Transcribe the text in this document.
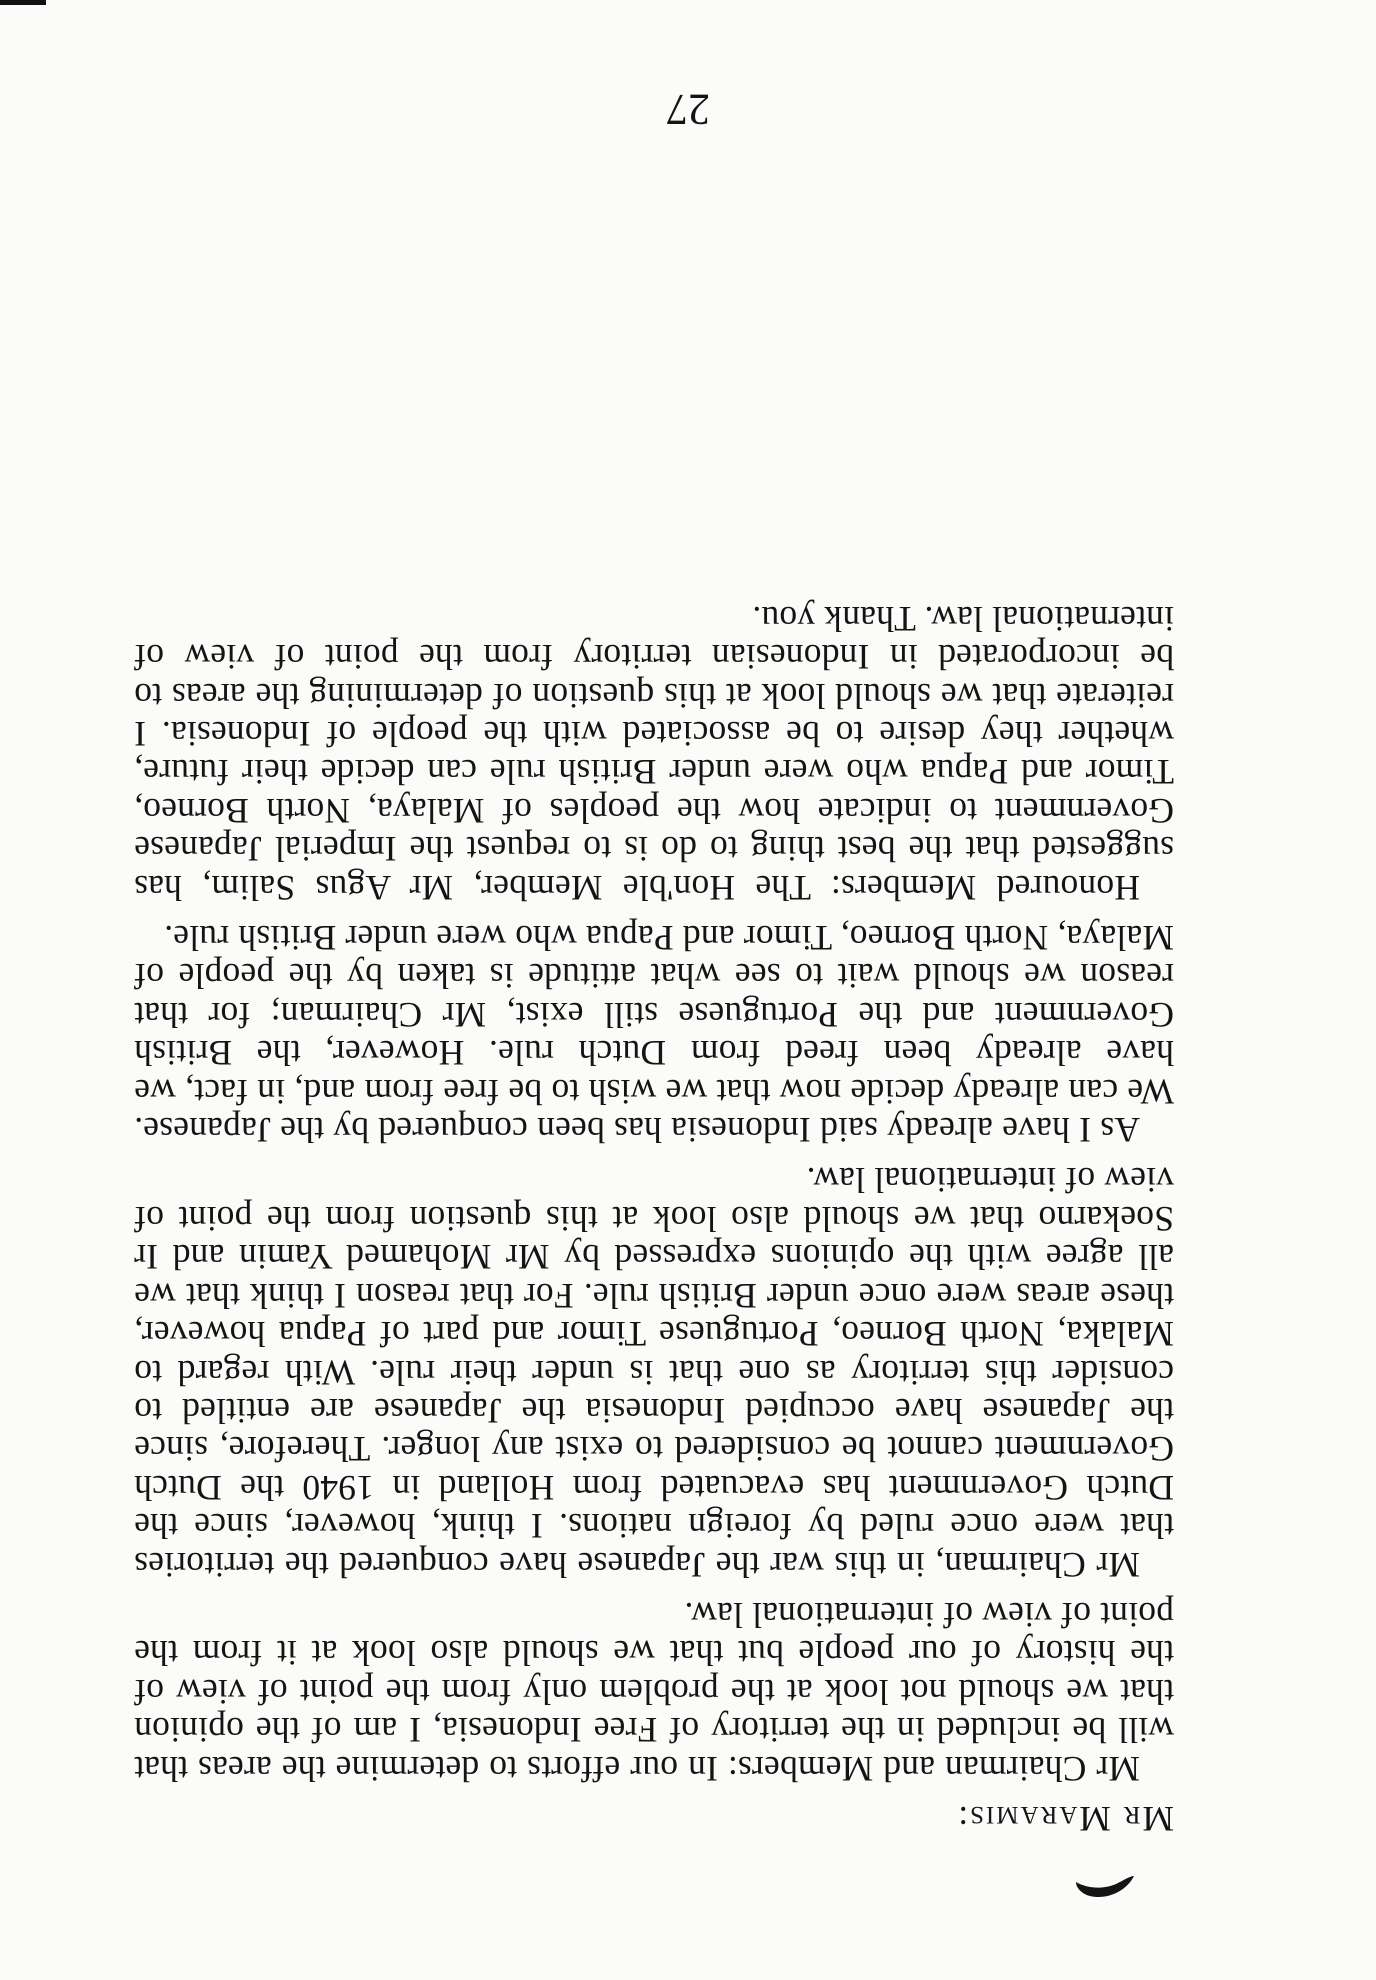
Mr Maramis:

Mr Chairman and Members: In our efforts to determine the areas that will be included in the territory of Free Indonesia, I am of the opinion that we should not look at the problem only from the point of view of the history of our people but that we should also look at it from the point of view of international law.

Mr Chairman, in this war the Japanese have conquered the territories that were once ruled by foreign nations. I think, however, since the Dutch Government has evacuated from Holland in 1940 the Dutch Government cannot be considered to exist any longer. Therefore, since the Japanese have occupied Indonesia the Japanese are entitled to consider this territory as one that is under their rule. With regard to Malaka, North Borneo, Portuguese Timor and part of Papua however, these areas were once under British rule. For that reason I think that we all agree with the opinions expressed by Mr Mohamed Yamin and Ir Soekarno that we should also look at this question from the point of view of international law.

As I have already said Indonesia has been conquered by the Japanese. We can already decide now that we wish to be free from and, in fact, we have already been freed from Dutch rule. However, the British Government and the Portuguese still exist, Mr Chairman; for that reason we should wait to see what attitude is taken by the people of Malaya, North Borneo, Timor and Papua who were under British rule.

Honoured Members: The Hon'ble Member, Mr Agus Salim, has suggested that the best thing to do is to request the Imperial Japanese Government to indicate how the peoples of Malaya, North Borneo, Timor and Papua who were under British rule can decide their future, whether they desire to be associated with the people of Indonesia. I reiterate that we should look at this question of determining the areas to be incorporated in Indonesian territory from the point of view of international law. Thank you.

27
